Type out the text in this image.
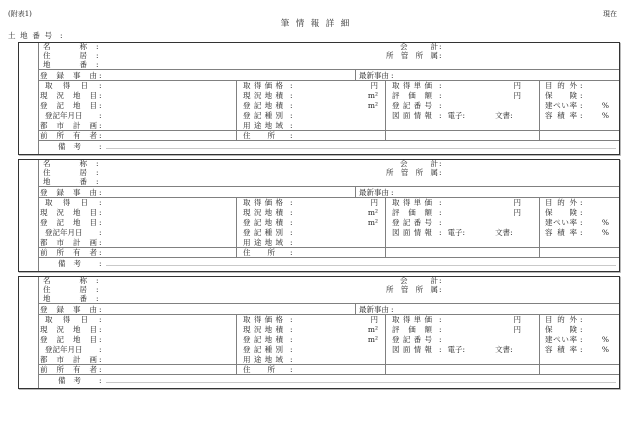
(附表1)	現在
筆情報詳細
土地番号 :
名称 :	会計 :
住居 :	所管所属 :
地番 :
登録事由 :	最新事由 :
取得日	:	取得価格 :	円 取得単価 :	円	目的外 :
現況地目 :	現況地積 :	m² 評価額 :	円	保険 :
登記地目 :	登記地積 :	m² 登記番号 :	建ぺい率 :	%
登記年月日	:	登記種別 :	図面情報 : 電子 :	文書 :	容積率 :	%
都市計画 :	用途地域 :
前所有者 :	住所	:
備考	:
名称 :	会計 :
住居 :	所管所属 :
地番 :
登録事由 :	最新事由 :
取得日	:	取得価格 :	円 取得単価 :	円	目的外 :
現況地目 :	現況地積 :	m² 評価額 :	円	保険 :
登記地目 :	登記地積 :	m² 登記番号 :	建ぺい率 :	%
登記年月日	:	登記種別 :	図面情報 : 電子 :	文書 :	容積率 :	%
都市計画 :	用途地域 :
前所有者 :	住所	:
備考	:
名称 :	会計 :
住居 :	所管所属 :
地番 :
登録事由 :	最新事由 :
取得日	:	取得価格 :	円 取得単価 :	円	目的外 :
現況地目 :	現況地積 :	m² 評価額 :	円	保険 :
登記地目 :	登記地積 :	m² 登記番号 :	建ぺい率 :	%
登記年月日	:	登記種別 :	図面情報 : 電子 :	文書 :	容積率 :	%
都市計画 :	用途地域 :
前所有者 :	住所	:
備考	:
